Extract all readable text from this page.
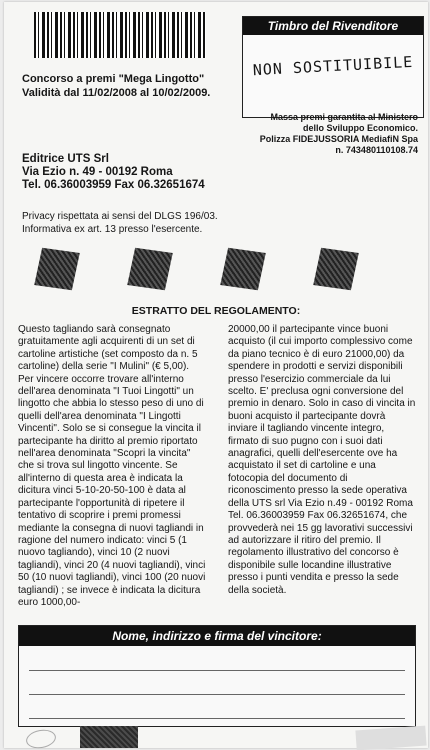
Timbro del Rivenditore
NON SOSTITUIBILE
Concorso a premi "Mega Lingotto"
Validità dal 11/02/2008 al 10/02/2009.
Massa premi garantita al Ministero
dello Sviluppo Economico.
Polizza FIDEJUSSORIA MediafiN Spa
n. 743480110108.74
Editrice UTS Srl
Via Ezio n. 49 - 00192 Roma
Tel. 06.36003959 Fax 06.32651674
Privacy rispettata ai sensi del DLGS 196/03.
Informativa ex art. 13 presso l'esercente.
ESTRATTO DEL REGOLAMENTO:
Questo tagliando sarà consegnato gratuitamente agli acquirenti di un set di cartoline artistiche (set composto da n. 5 cartoline) della serie "I Mulini" (€ 5,00). Per vincere occorre trovare all'interno dell'area denominata "I Tuoi Lingotti" un lingotto che abbia lo stesso peso di uno di quelli dell'area denominata "I Lingotti Vincenti". Solo se si consegue la vincita il partecipante ha diritto al premio riportato nell'area denominata "Scopri la vincita" che si trova sul lingotto vincente. Se all'interno di questa area è indicata la dicitura vinci 5-10-20-50-100 è data al partecipante l'opportunità di ripetere il tentativo di scoprire i premi promessi mediante la consegna di nuovi tagliandi in ragione del numero indicato: vinci 5 (1 nuovo tagliando), vinci 10 (2 nuovi tagliandi), vinci 20 (4 nuovi tagliandi), vinci 50 (10 nuovi tagliandi), vinci 100 (20 nuovi tagliandi) ; se invece è indicata la dicitura euro 1000,00-
20000,00 il partecipante vince buoni acquisto (il cui importo complessivo come da piano tecnico è di euro 21000,00) da spendere in prodotti e servizi disponibili presso l'esercizio commerciale da lui scelto. E' preclusa ogni conversione del premio in denaro. Solo in caso di vincita in buoni acquisto il partecipante dovrà inviare il tagliando vincente integro, firmato di suo pugno con i suoi dati anagrafici, quelli dell'esercente ove ha acquistato il set di cartoline e una fotocopia del documento di riconoscimento presso la sede operativa della UTS srl Via Ezio n.49 - 00192 Roma Tel. 06.36003959 Fax 06.32651674, che provvederà nei 15 gg lavorativi successivi ad autorizzare il ritiro del premio. Il regolamento illustrativo del concorso è disponibile sulle locandine illustrative presso i punti vendita e presso la sede della società.
Nome, indirizzo e firma del vincitore:
